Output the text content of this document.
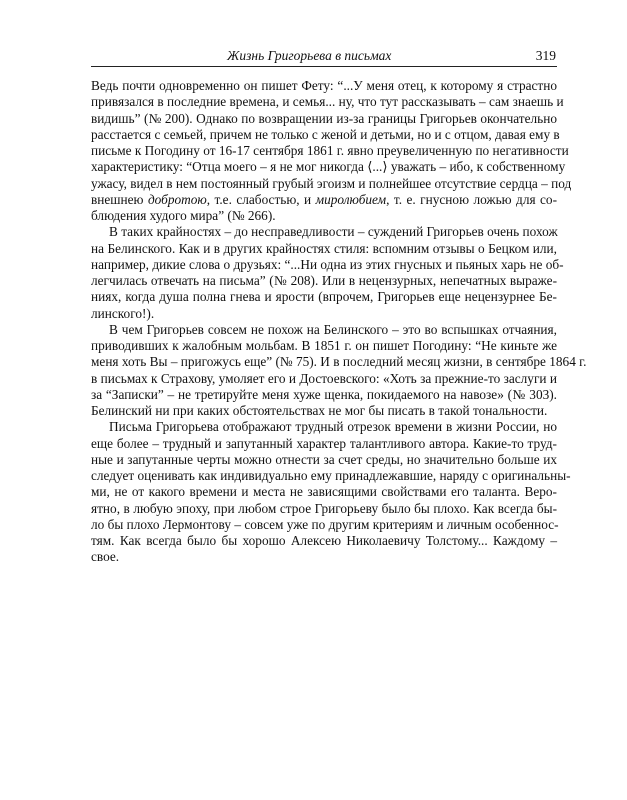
Жизнь Григорьева в письмах	319

Ведь почти одновременно он пишет Фету: “...У меня отец, к которому я страстно
привязался в последние времена, и семья... ну, что тут рассказывать – сам знаешь и
видишь” (№ 200). Однако по возвращении из-за границы Григорьев окончательно
расстается с семьей, причем не только с женой и детьми, но и с отцом, давая ему в
письме к Погодину от 16-17 сентября 1861 г. явно преувеличенную по негативности
характеристику: “Отца моего – я не мог никогда ⟨...⟩ уважать – ибо, к собственному
ужасу, видел в нем постоянный грубый эгоизм и полнейшее отсутствие сердца – под
внешнею добротою, т.е. слабостью, и миролюбием, т. е. гнусною ложью для со-
блюдения худого мира” (№ 266).

В таких крайностях – до несправедливости – суждений Григорьев очень похож
на Белинского. Как и в других крайностях стиля: вспомним отзывы о Бецком или,
например, дикие слова о друзьях: “...Ни одна из этих гнусных и пьяных харь не об-
легчилась отвечать на письма” (№ 208). Или в нецензурных, непечатных выраже-
ниях, когда душа полна гнева и ярости (впрочем, Григорьев еще нецензурнее Бе-
линского!).

В чем Григорьев совсем не похож на Белинского – это во вспышках отчаяния,
приводивших к жалобным мольбам. В 1851 г. он пишет Погодину: “Не киньте же
меня хоть Вы – пригожусь еще” (№ 75). И в последний месяц жизни, в сентябре 1864 г.
в письмах к Страхову, умоляет его и Достоевского: «Хоть за прежние-то заслуги и
за “Записки” – не третируйте меня хуже щенка, покидаемого на навозе» (№ 303).
Белинский ни при каких обстоятельствах не мог бы писать в такой тональности.

Письма Григорьева отображают трудный отрезок времени в жизни России, но
еще более – трудный и запутанный характер талантливого автора. Какие-то труд-
ные и запутанные черты можно отнести за счет среды, но значительно больше их
следует оценивать как индивидуально ему принадлежавшие, наряду с оригинальны-
ми, не от какого времени и места не зависящими свойствами его таланта. Веро-
ятно, в любую эпоху, при любом строе Григорьеву было бы плохо. Как всегда бы-
ло бы плохо Лермонтову – совсем уже по другим критериям и личным особеннос-
тям. Как всегда было бы хорошо Алексею Николаевичу Толстому... Каждому –
свое.
